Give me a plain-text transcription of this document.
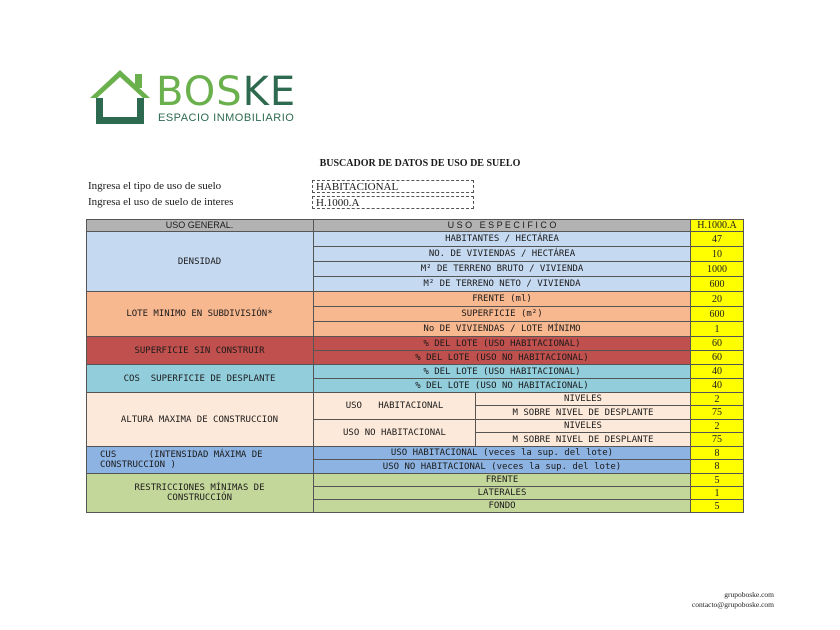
BOSKE
ESPACIO INMOBILIARIO
BUSCADOR DE DATOS DE USO DE SUELO
Ingresa el tipo de uso de suelo	HABITACIONAL
Ingresa el uso de suelo de interes	H.1000.A
USO GENERAL.	U S O   E S P E C I F I C O	H.1000.A
DENSIDAD
HABITANTES / HECTÁREA	47
NO. DE VIVIENDAS / HECTÁREA	10
M² DE TERRENO BRUTO / VIVIENDA	1000
M² DE TERRENO NETO / VIVIENDA	600
LOTE MINIMO EN SUBDIVISIÓN*
FRENTE (ml)	20
SUPERFICIE (m²)	600
No DE VIVIENDAS / LOTE MÍNIMO	1
SUPERFICIE SIN CONSTRUIR
% DEL LOTE (USO HABITACIONAL)	60
% DEL LOTE (USO NO HABITACIONAL)	60
COS  SUPERFICIE DE DESPLANTE
% DEL LOTE (USO HABITACIONAL)	40
% DEL LOTE (USO NO HABITACIONAL)	40
ALTURA MAXIMA DE CONSTRUCCION
USO   HABITACIONAL
NIVELES	2
M SOBRE NIVEL DE DESPLANTE	75
USO NO HABITACIONAL
NIVELES	2
M SOBRE NIVEL DE DESPLANTE	75
CUS      (INTENSIDAD MÁXIMA DE
CONSTRUCCION )
USO HABITACIONAL (veces la sup. del lote)	8
USO NO HABITACIONAL (veces la sup. del lote)	8
RESTRICCIONES MÍNIMAS DE
CONSTRUCCIÓN
FRENTE	5
LATERALES	1
FONDO	5
grupoboske.com
contacto@grupoboske.com
